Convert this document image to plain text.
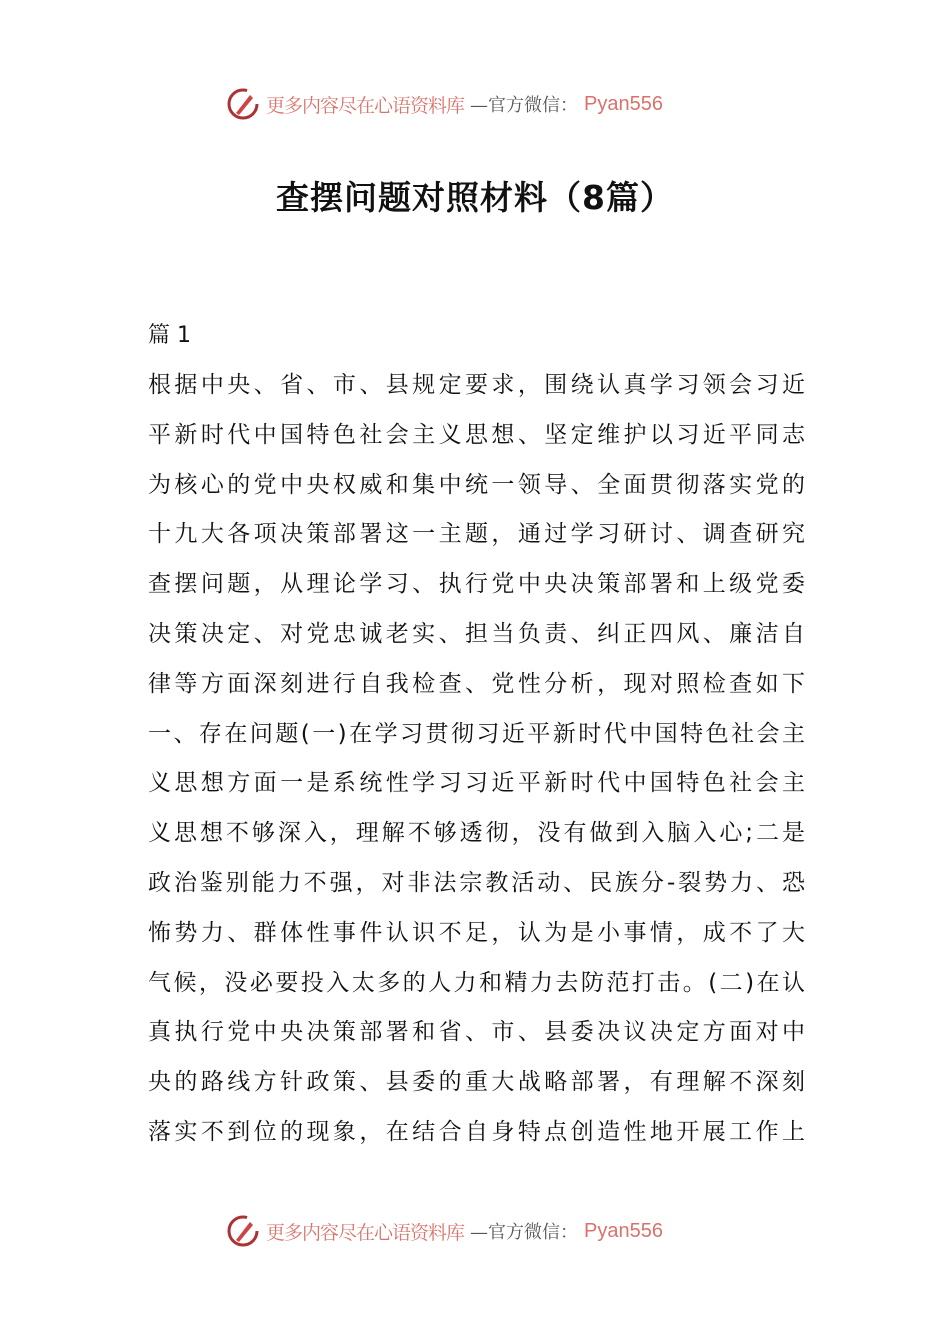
更多内容尽在心语资料库 —官方微信： Pyan556
查摆问题对照材料（8篇）
篇 1
根据中央、省、市、县规定要求，围绕认真学习领会习近
平新时代中国特色社会主义思想、坚定维护以习近平同志
为核心的党中央权威和集中统一领导、全面贯彻落实党的
十九大各项决策部署这一主题，通过学习研讨、调查研究
查摆问题，从理论学习、执行党中央决策部署和上级党委
决策决定、对党忠诚老实、担当负责、纠正四风、廉洁自
律等方面深刻进行自我检查、党性分析，现对照检查如下
一、存在问题(一)在学习贯彻习近平新时代中国特色社会主
义思想方面一是系统性学习习近平新时代中国特色社会主
义思想不够深入，理解不够透彻，没有做到入脑入心;二是
政治鉴别能力不强，对非法宗教活动、民族分-裂势力、恐
怖势力、群体性事件认识不足，认为是小事情，成不了大
气候，没必要投入太多的人力和精力去防范打击。(二)在认
真执行党中央决策部署和省、市、县委决议决定方面对中
央的路线方针政策、县委的重大战略部署，有理解不深刻
落实不到位的现象，在结合自身特点创造性地开展工作上
更多内容尽在心语资料库 —官方微信： Pyan556
